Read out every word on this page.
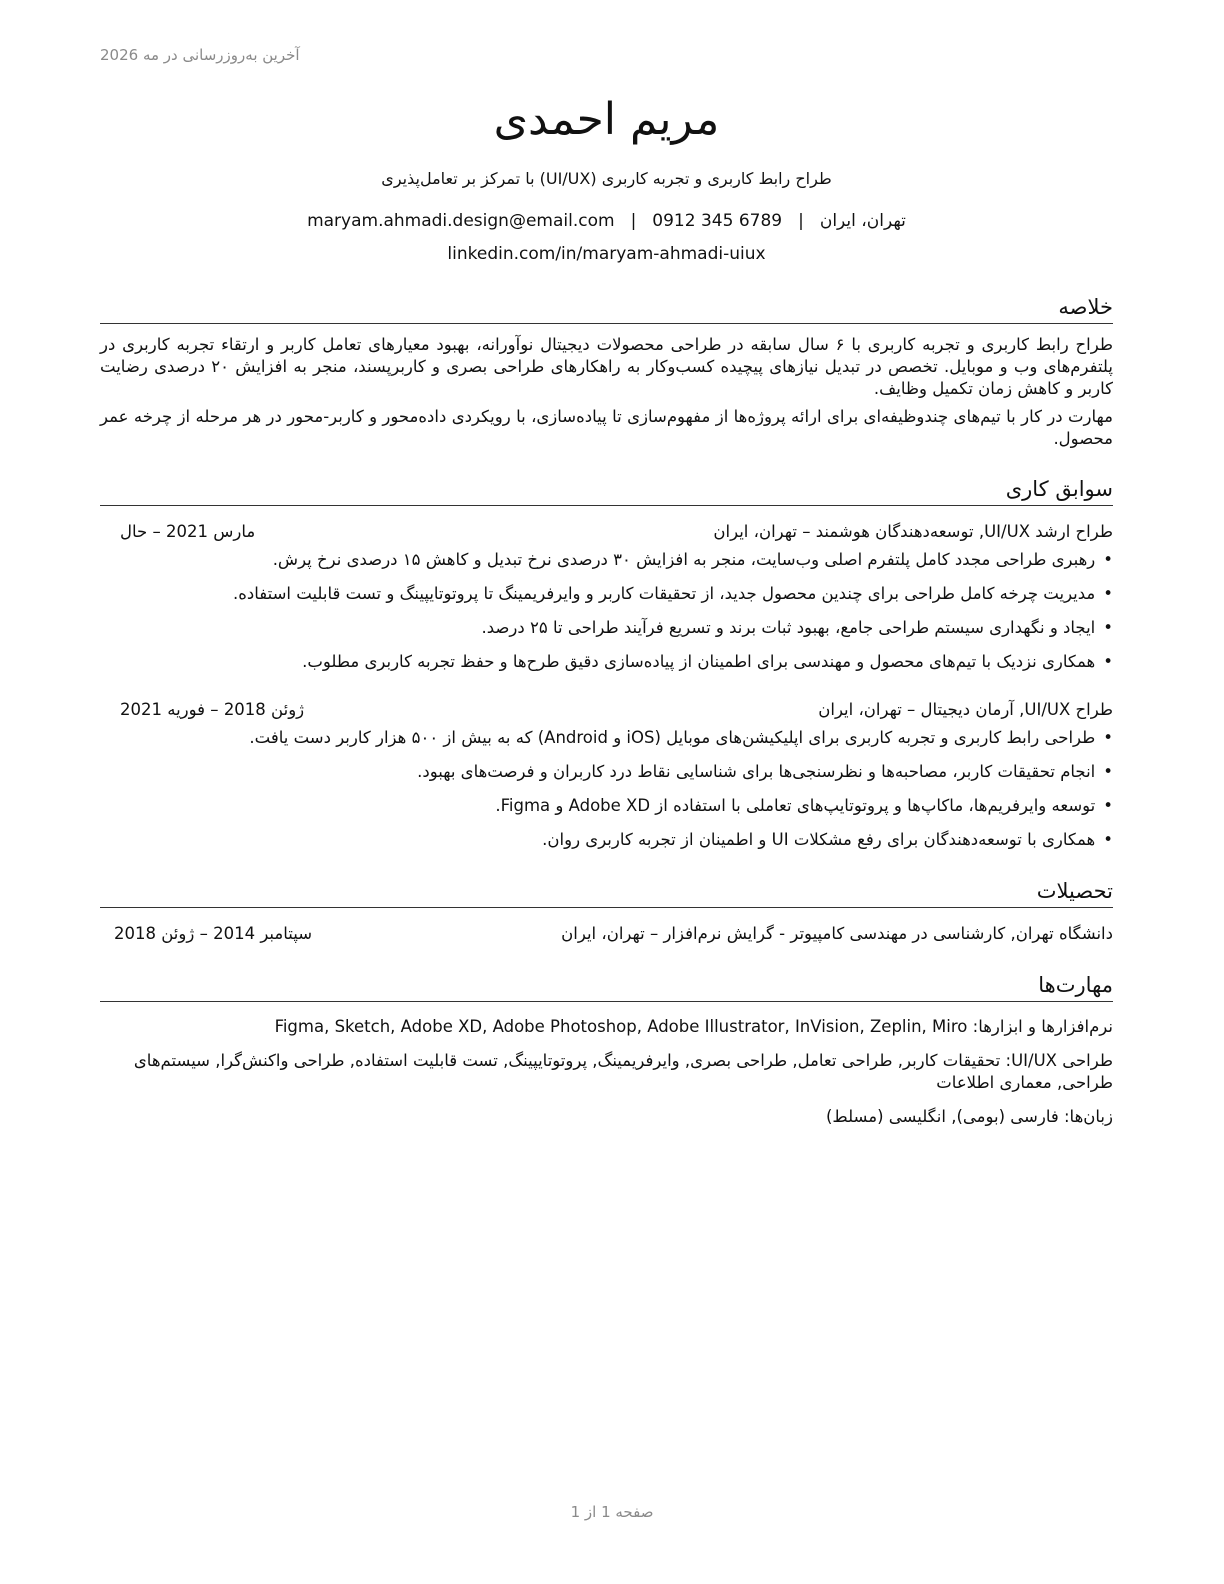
آخرین به‌روزرسانی در مه 2026
مریم احمدی
طراح رابط کاربری و تجربه کاربری (UI/UX) با تمرکز بر تعامل‌پذیری
تهران، ایران|maryam.ahmadi.design@email.com | 0912 345 6789
linkedin.com/in/maryam-ahmadi-uiux
خلاصه

طراح رابط کاربری و تجربه کاربری با ۶ سال سابقه در طراحی محصولات دیجیتال نوآورانه، بهبود معیارهای تعامل کاربر و ارتقاء تجربه کاربری در پلتفرم‌های وب و موبایل. تخصص در تبدیل نیازهای پیچیده کسب‌وکار به راهکارهای طراحی بصری و کاربرپسند، منجر به افزایش ۲۰ درصدی رضایت کاربر و کاهش زمان تکمیل وظایف.

مهارت در کار با تیم‌های چندوظیفه‌ای برای ارائه پروژه‌ها از مفهوم‌سازی تا پیاده‌سازی، با رویکردی داده‌محور و کاربر-محور در هر مرحله از چرخه عمر محصول.

سوابق کاری
طراح ارشد UI/UX, توسعه‌دهندگان هوشمند – تهران، ایران
مارس 2021 – حال
• رهبری طراحی مجدد کامل پلتفرم اصلی وب‌سایت، منجر به افزایش ۳۰ درصدی نرخ تبدیل و کاهش ۱۵ درصدی نرخ پرش.
• مدیریت چرخه کامل طراحی برای چندین محصول جدید، از تحقیقات کاربر و وایرفریمینگ تا پروتوتایپینگ و تست قابلیت استفاده.
• ایجاد و نگهداری سیستم طراحی جامع، بهبود ثبات برند و تسریع فرآیند طراحی تا ۲۵ درصد.
• همکاری نزدیک با تیم‌های محصول و مهندسی برای اطمینان از پیاده‌سازی دقیق طرح‌ها و حفظ تجربه کاربری مطلوب.
طراح UI/UX, آرمان دیجیتال – تهران، ایران
ژوئن 2018 – فوریه 2021
• طراحی رابط کاربری و تجربه کاربری برای اپلیکیشن‌های موبایل (iOS و Android) که به بیش از ۵۰۰ هزار کاربر دست یافت.
• انجام تحقیقات کاربر، مصاحبه‌ها و نظرسنجی‌ها برای شناسایی نقاط درد کاربران و فرصت‌های بهبود.
• توسعه وایرفریم‌ها، ماکاپ‌ها و پروتوتایپ‌های تعاملی با استفاده از Adobe XD و Figma.
• همکاری با توسعه‌دهندگان برای رفع مشکلات UI و اطمینان از تجربه کاربری روان.
تحصیلات
دانشگاه تهران, کارشناسی در مهندسی کامپیوتر - گرایش نرم‌افزار – تهران، ایران
سپتامبر 2014 – ژوئن 2018
مهارت‌ها
نرم‌افزارها و ابزارها: Figma, Sketch, Adobe XD, Adobe Photoshop, Adobe Illustrator, InVision, Zeplin, Miro
طراحی UI/UX: تحقیقات کاربر, طراحی تعامل, طراحی بصری, وایرفریمینگ, پروتوتایپینگ, تست قابلیت استفاده, طراحی واکنش‌گرا, سیستم‌های طراحی, معماری اطلاعات
زبان‌ها: فارسی (بومی), انگلیسی (مسلط)
صفحه 1 از 1
